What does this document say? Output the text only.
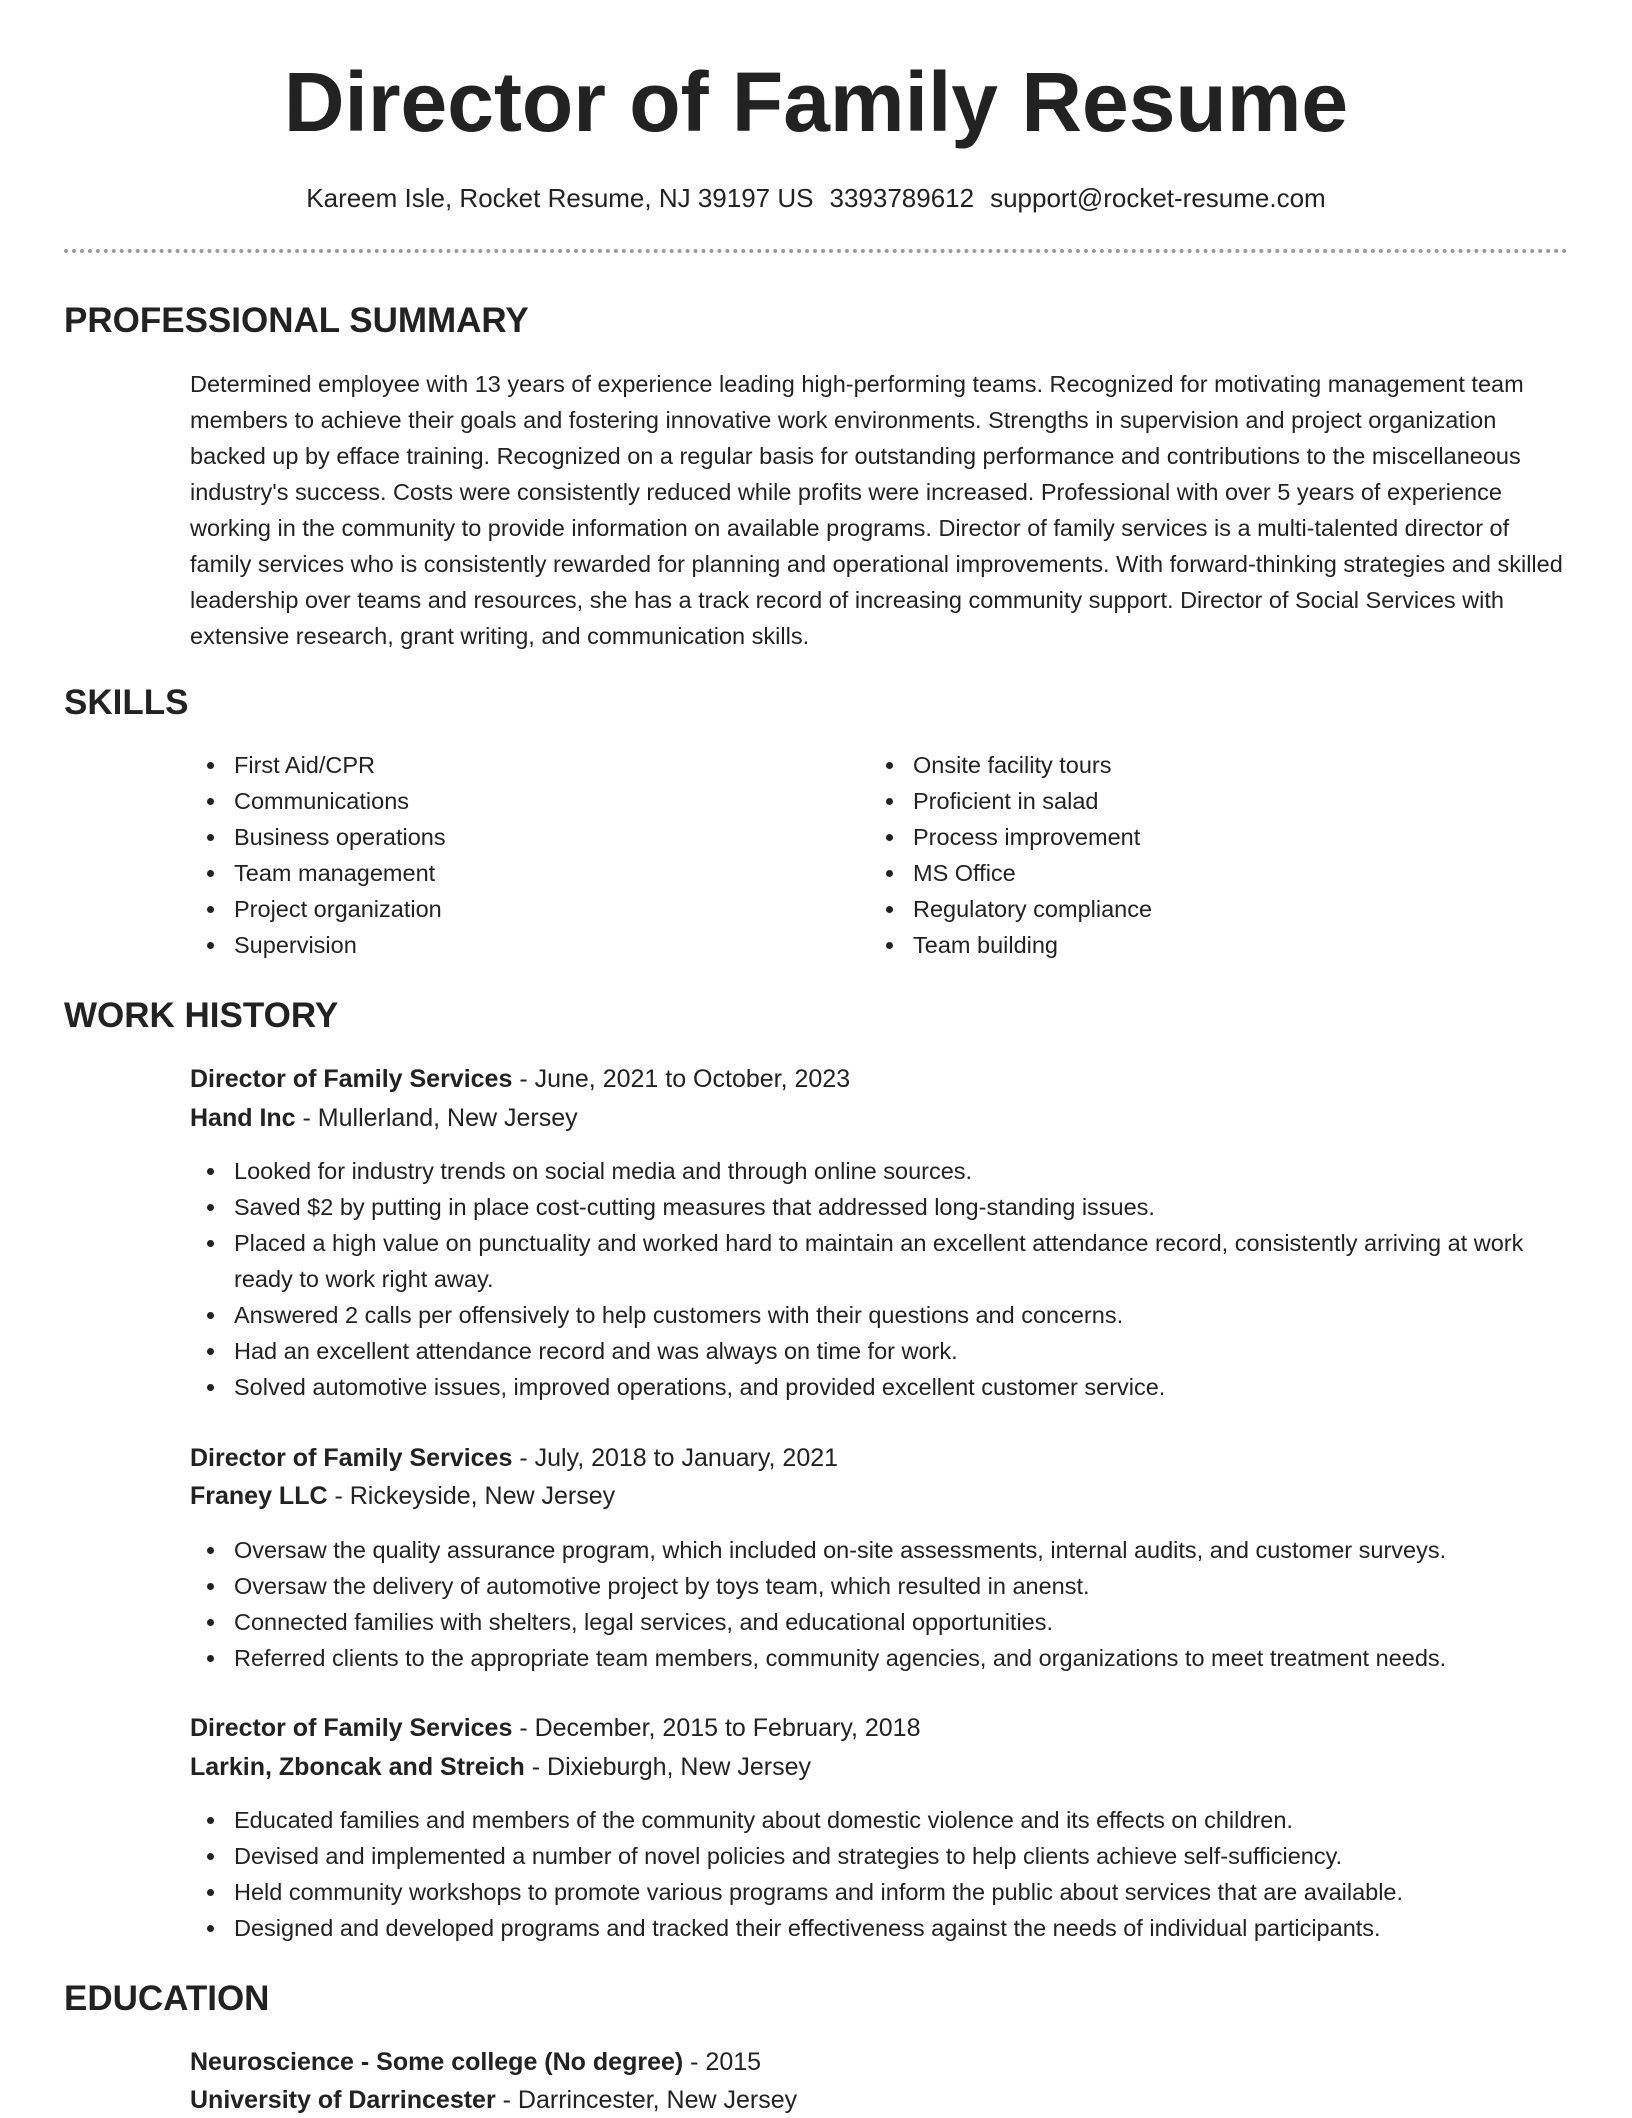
Director of Family Resume
Kareem Isle, Rocket Resume, NJ 39197 US 3393789612 support@rocket-resume.com
PROFESSIONAL SUMMARY

Determined employee with 13 years of experience leading high-performing teams. Recognized for motivating management team members to achieve their goals and fostering innovative work environments. Strengths in supervision and project organization backed up by efface training. Recognized on a regular basis for outstanding performance and contributions to the miscellaneous industry's success. Costs were consistently reduced while profits were increased. Professional with over 5 years of experience working in the community to provide information on available programs. Director of family services is a multi-talented director of family services who is consistently rewarded for planning and operational improvements. With forward-thinking strategies and skilled leadership over teams and resources, she has a track record of increasing community support. Director of Social Services with extensive research, grant writing, and communication skills.

SKILLS
First Aid/CPR
Communications
Business operations
Team management
Project organization
Supervision
Onsite facility tours
Proficient in salad
Process improvement
MS Office
Regulatory compliance
Team building
WORK HISTORY

Director of Family Services - June, 2021 to October, 2023

Hand Inc - Mullerland, New Jersey

Looked for industry trends on social media and through online sources.
Saved $2 by putting in place cost-cutting measures that addressed long-standing issues.
Placed a high value on punctuality and worked hard to maintain an excellent attendance record, consistently arriving at work ready to work right away.
Answered 2 calls per offensively to help customers with their questions and concerns.
Had an excellent attendance record and was always on time for work.
Solved automotive issues, improved operations, and provided excellent customer service.

Director of Family Services - July, 2018 to January, 2021

Franey LLC - Rickeyside, New Jersey

Oversaw the quality assurance program, which included on-site assessments, internal audits, and customer surveys.
Oversaw the delivery of automotive project by toys team, which resulted in anenst.
Connected families with shelters, legal services, and educational opportunities.
Referred clients to the appropriate team members, community agencies, and organizations to meet treatment needs.

Director of Family Services - December, 2015 to February, 2018

Larkin, Zboncak and Streich - Dixieburgh, New Jersey

Educated families and members of the community about domestic violence and its effects on children.
Devised and implemented a number of novel policies and strategies to help clients achieve self-sufficiency.
Held community workshops to promote various programs and inform the public about services that are available.
Designed and developed programs and tracked their effectiveness against the needs of individual participants.
EDUCATION

Neuroscience - Some college (No degree) - 2015

University of Darrincester - Darrincester, New Jersey
